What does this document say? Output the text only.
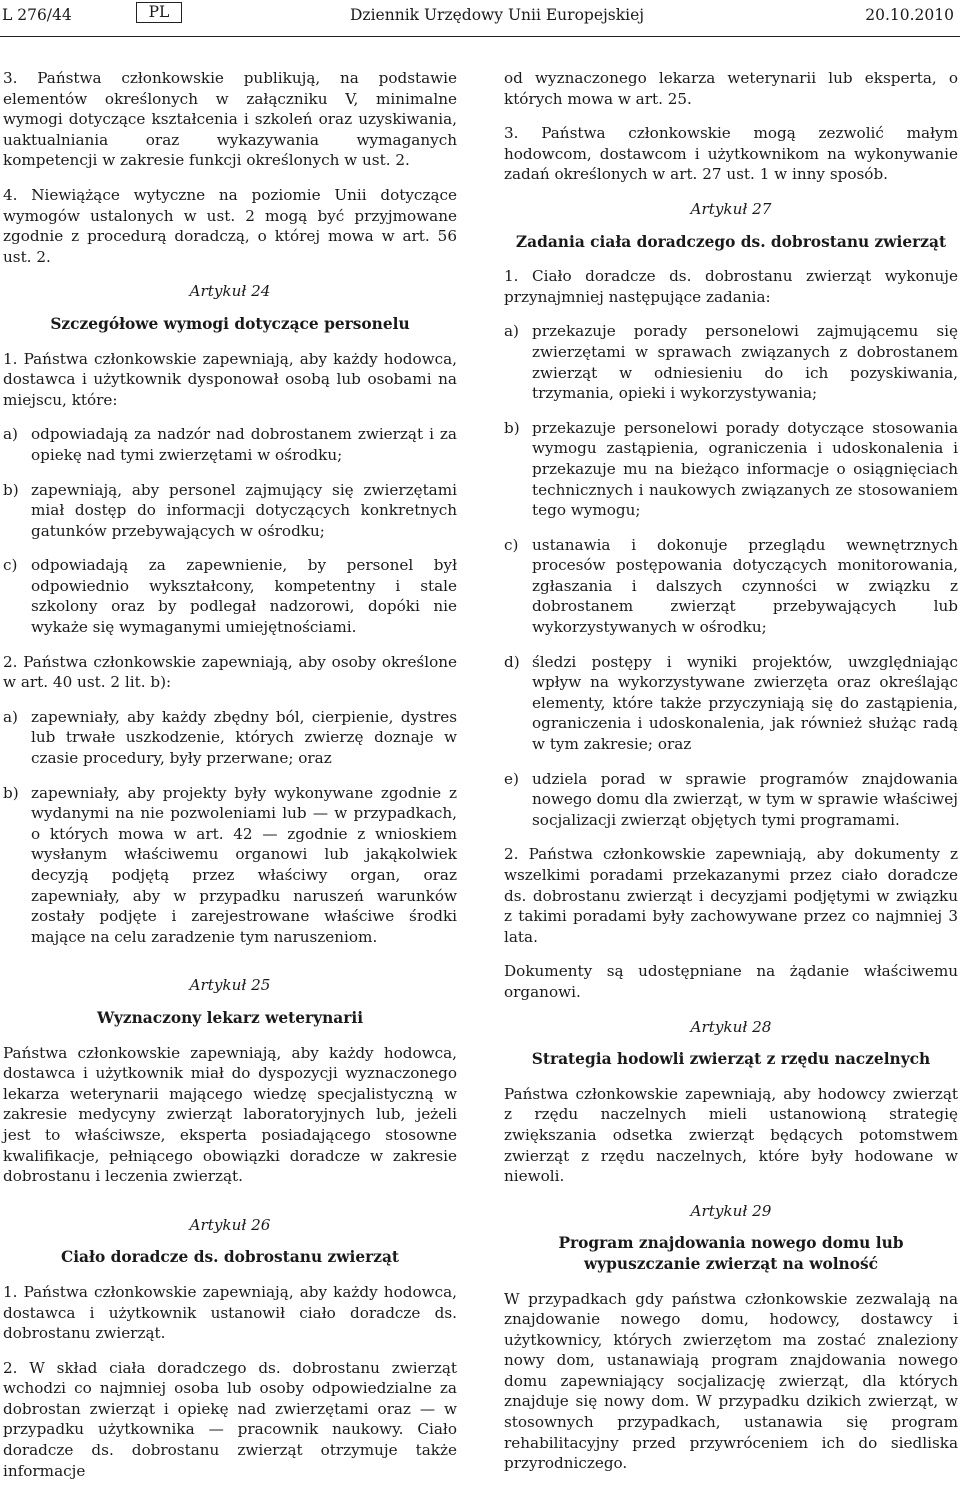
L 276/44	PL	Dziennik Urzędowy Unii Europejskiej	20.10.2010

3. Państwa członkowskie publikują, na podstawie elementów określonych w załączniku V, minimalne wymogi dotyczące kształcenia i szkoleń oraz uzyskiwania, uaktualniania oraz wykazywania wymaganych kompetencji w zakresie funkcji określonych w ust. 2.

4. Niewiążące wytyczne na poziomie Unii dotyczące wymogów ustalonych w ust. 2 mogą być przyjmowane zgodnie z procedurą doradczą, o której mowa w art. 56 ust. 2.

Artykuł 24
Szczegółowe wymogi dotyczące personelu

1. Państwa członkowskie zapewniają, aby każdy hodowca, dostawca i użytkownik dysponował osobą lub osobami na miejscu, które:

a) odpowiadają za nadzór nad dobrostanem zwierząt i za opiekę nad tymi zwierzętami w ośrodku;
b) zapewniają, aby personel zajmujący się zwierzętami miał dostęp do informacji dotyczących konkretnych gatunków przebywających w ośrodku;
c) odpowiadają za zapewnienie, by personel był odpowiednio wykształcony, kompetentny i stale szkolony oraz by podlegał nadzorowi, dopóki nie wykaże się wymaganymi umiejętnościami.

2. Państwa członkowskie zapewniają, aby osoby określone w art. 40 ust. 2 lit. b):

a) zapewniały, aby każdy zbędny ból, cierpienie, dystres lub trwałe uszkodzenie, których zwierzę doznaje w czasie procedury, były przerwane; oraz
b) zapewniały, aby projekty były wykonywane zgodnie z wydanymi na nie pozwoleniami lub — w przypadkach, o których mowa w art. 42 — zgodnie z wnioskiem wysłanym właściwemu organowi lub jakąkolwiek decyzją podjętą przez właściwy organ, oraz zapewniały, aby w przypadku naruszeń warunków zostały podjęte i zarejestrowane właściwe środki mające na celu zaradzenie tym naruszeniom.
Artykuł 25
Wyznaczony lekarz weterynarii

Państwa członkowskie zapewniają, aby każdy hodowca, dostawca i użytkownik miał do dyspozycji wyznaczonego lekarza weterynarii mającego wiedzę specjalistyczną w zakresie medycyny zwierząt laboratoryjnych lub, jeżeli jest to właściwsze, eksperta posiadającego stosowne kwalifikacje, pełniącego obowiązki doradcze w zakresie dobrostanu i leczenia zwierząt.

Artykuł 26
Ciało doradcze ds. dobrostanu zwierząt

1. Państwa członkowskie zapewniają, aby każdy hodowca, dostawca i użytkownik ustanowił ciało doradcze ds. dobrostanu zwierząt.

2. W skład ciała doradczego ds. dobrostanu zwierząt wchodzi co najmniej osoba lub osoby odpowiedzialne za dobrostan zwierząt i opiekę nad zwierzętami oraz — w przypadku użytkownika — pracownik naukowy. Ciało doradcze ds. dobrostanu zwierząt otrzymuje także informacje

od wyznaczonego lekarza weterynarii lub eksperta, o których mowa w art. 25.

3. Państwa członkowskie mogą zezwolić małym hodowcom, dostawcom i użytkownikom na wykonywanie zadań określonych w art. 27 ust. 1 w inny sposób.

Artykuł 27
Zadania ciała doradczego ds. dobrostanu zwierząt

1. Ciało doradcze ds. dobrostanu zwierząt wykonuje przynajmniej następujące zadania:

a) przekazuje porady personelowi zajmującemu się zwierzętami w sprawach związanych z dobrostanem zwierząt w odniesieniu do ich pozyskiwania, trzymania, opieki i wykorzystywania;
b) przekazuje personelowi porady dotyczące stosowania wymogu zastąpienia, ograniczenia i udoskonalenia i przekazuje mu na bieżąco informacje o osiągnięciach technicznych i naukowych związanych ze stosowaniem tego wymogu;
c) ustanawia i dokonuje przeglądu wewnętrznych procesów postępowania dotyczących monitorowania, zgłaszania i dalszych czynności w związku z dobrostanem zwierząt przebywających lub wykorzystywanych w ośrodku;
d) śledzi postępy i wyniki projektów, uwzględniając wpływ na wykorzystywane zwierzęta oraz określając elementy, które także przyczyniają się do zastąpienia, ograniczenia i udoskonalenia, jak również służąc radą w tym zakresie; oraz
e) udziela porad w sprawie programów znajdowania nowego domu dla zwierząt, w tym w sprawie właściwej socjalizacji zwierząt objętych tymi programami.

2. Państwa członkowskie zapewniają, aby dokumenty z wszelkimi poradami przekazanymi przez ciało doradcze ds. dobrostanu zwierząt i decyzjami podjętymi w związku z takimi poradami były zachowywane przez co najmniej 3 lata.

Dokumenty są udostępniane na żądanie właściwemu organowi.

Artykuł 28
Strategia hodowli zwierząt z rzędu naczelnych

Państwa członkowskie zapewniają, aby hodowcy zwierząt z rzędu naczelnych mieli ustanowioną strategię zwiększania odsetka zwierząt będących potomstwem zwierząt z rzędu naczelnych, które były hodowane w niewoli.

Artykuł 29
Program znajdowania nowego domu lub wypuszczanie zwierząt na wolność

W przypadkach gdy państwa członkowskie zezwalają na znajdowanie nowego domu, hodowcy, dostawcy i użytkownicy, których zwierzętom ma zostać znaleziony nowy dom, ustanawiają program znajdowania nowego domu zapewniający socjalizację zwierząt, dla których znajduje się nowy dom. W przypadku dzikich zwierząt, w stosownych przypadkach, ustanawia się program rehabilitacyjny przed przywróceniem ich do siedliska przyrodniczego.
